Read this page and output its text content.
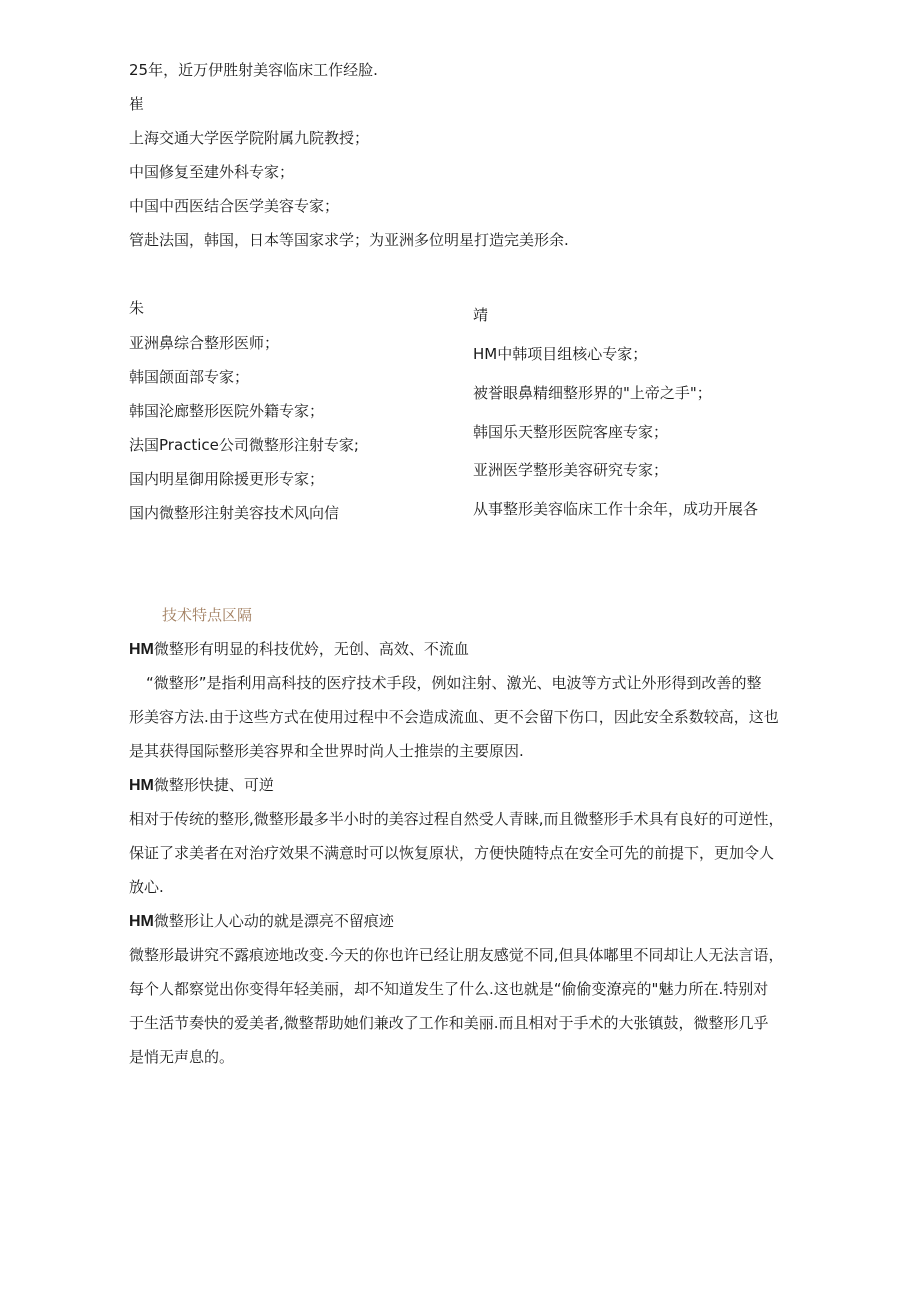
25年，近万伊胜射美容临床工作经脸.
崔
上海交通大学医学院附属九院教授；
中国修复至建外科专家；
中国中西医结合医学美容专家；
管赴法国，韩国，日本等国家求学；为亚洲多位明星打造完美形余.
朱
亚洲鼻综合整形医师；
韩国颌面部专家；
韩国沦廊整形医院外籍专家；
法国Practice公司微整形注射专家;
国内明星御用除援更形专家；
国内微整形注射美容技术风向信
靖
HM中韩项目组核心专家；
被誉眼鼻精细整形界的"上帝之手"；
韩国乐天整形医院客座专家；
亚洲医学整形美容研究专家；
从事整形美容临床工作十余年，成功开展各
技术特点区隔
HM微整形有明显的科技优妗，无创、高效、不流血
“微整形”是指利用高科技的医疗技术手段，例如注射、激光、电波等方式让外形得到改善的整
形美容方法.由于这些方式在使用过程中不会造成流血、更不会留下伤口，因此安全系数较高，这也
是其获得国际整形美容界和全世界时尚人士推崇的主要原因.
HM微整形快捷、可逆
相对于传统的整形,微整形最多半小时的美容过程自然受人青睐,而且微整形手术具有良好的可逆性，
保证了求美者在对治疗效果不满意时可以恢复原状，方便快随特点在安全可先的前提下，更加令人
放心.
HM微整形让人心动的就是漂亮不留痕迹
微整形最讲究不露痕迹地改变.今天的你也许已经让朋友感觉不同,但具体嘟里不同却让人无法言语，
每个人都察觉出你变得年轻美丽，却不知道发生了什么.这也就是“偷偷变潦亮的"魅力所在.特别对
于生活节奏快的爱美者,微整帮助她们兼改了工作和美丽.而且相对于手术的大张镇鼓，微整形几乎
是悄无声息的。
